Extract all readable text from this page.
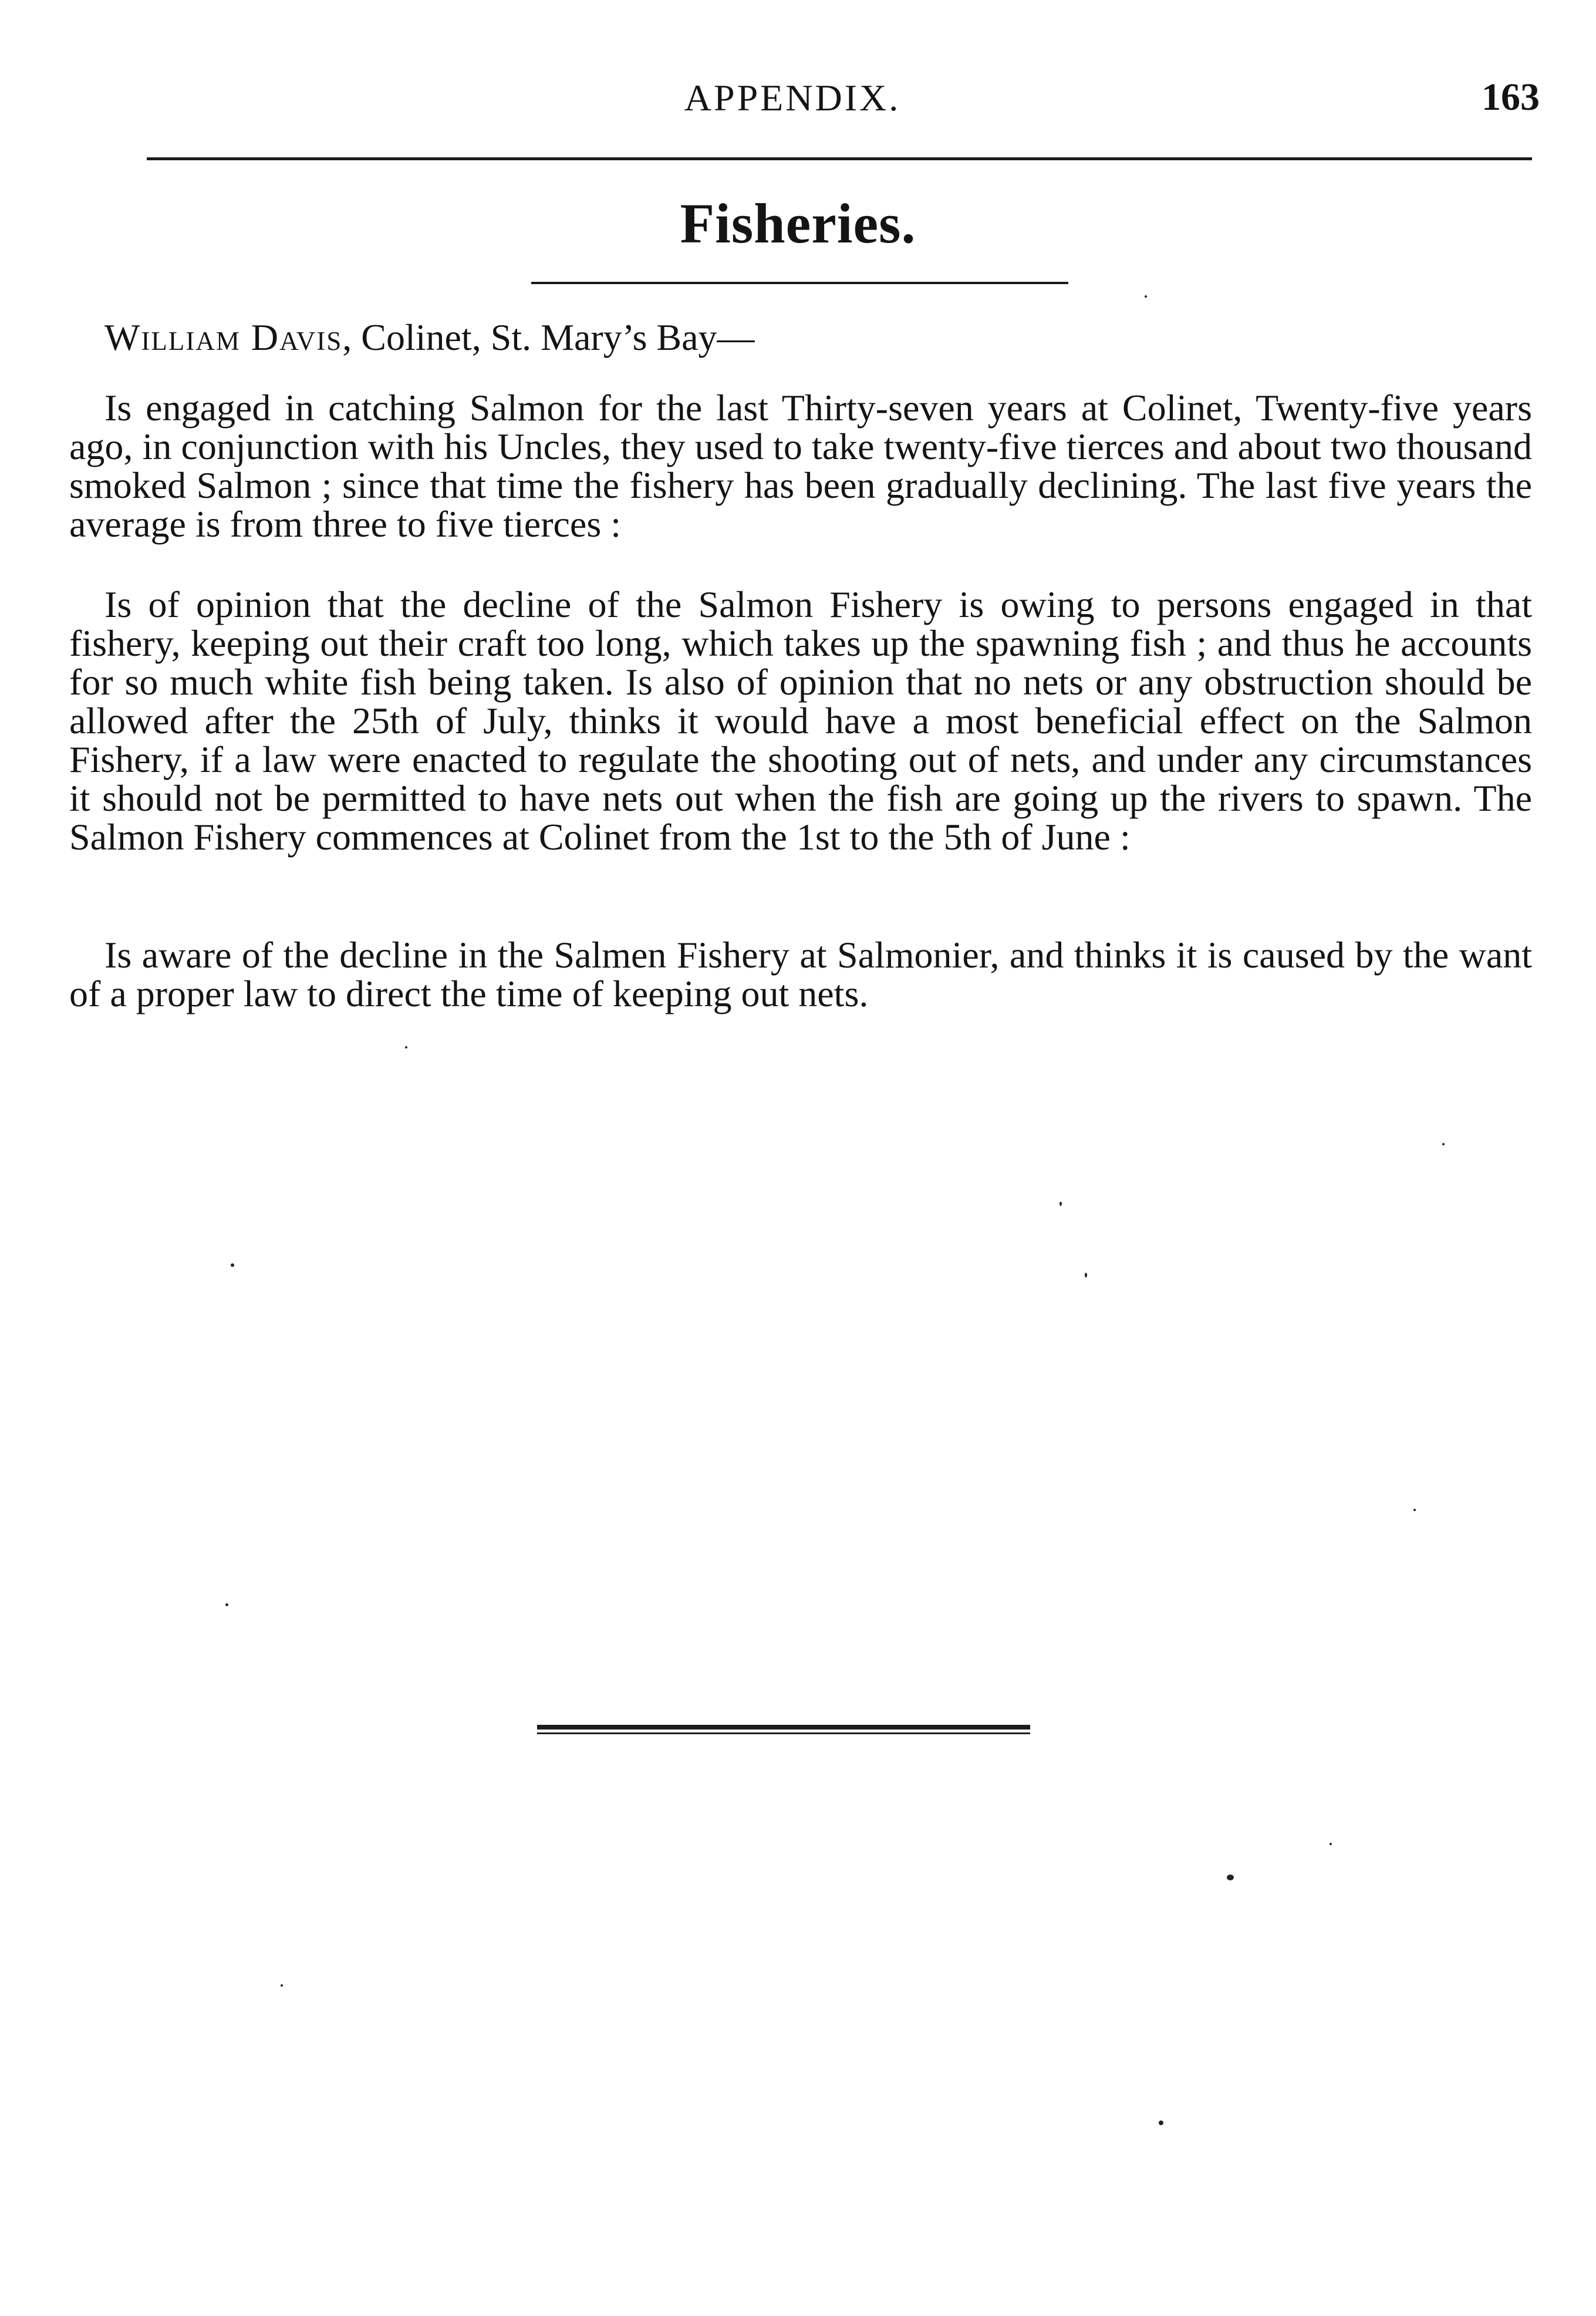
APPENDIX.	163
Fisheries.
William Davis, Colinet, St. Mary’s Bay—

Is engaged in catching Salmon for the last Thirty-seven years at Colinet, Twenty-five years ago, in conjunction with his Uncles, they used to take twenty-five tierces and about two thousand smoked Salmon ; since that time the fishery has been gradually declining. The last five years the average is from three to five tierces :

Is of opinion that the decline of the Salmon Fishery is owing to persons engaged in that fishery, keeping out their craft too long, which takes up the spawning fish ; and thus he accounts for so much white fish being taken. Is also of opinion that no nets or any obstruction should be allowed after the 25th of July, thinks it would have a most beneficial effect on the Salmon Fishery, if a law were enacted to regulate the shooting out of nets, and under any circumstances it should not be permitted to have nets out when the fish are going up the rivers to spawn. The Salmon Fishery commences at Colinet from the 1st to the 5th of June :

Is aware of the decline in the Salmen Fishery at Salmonier, and thinks it is caused by the want of a proper law to direct the time of keeping out nets.
